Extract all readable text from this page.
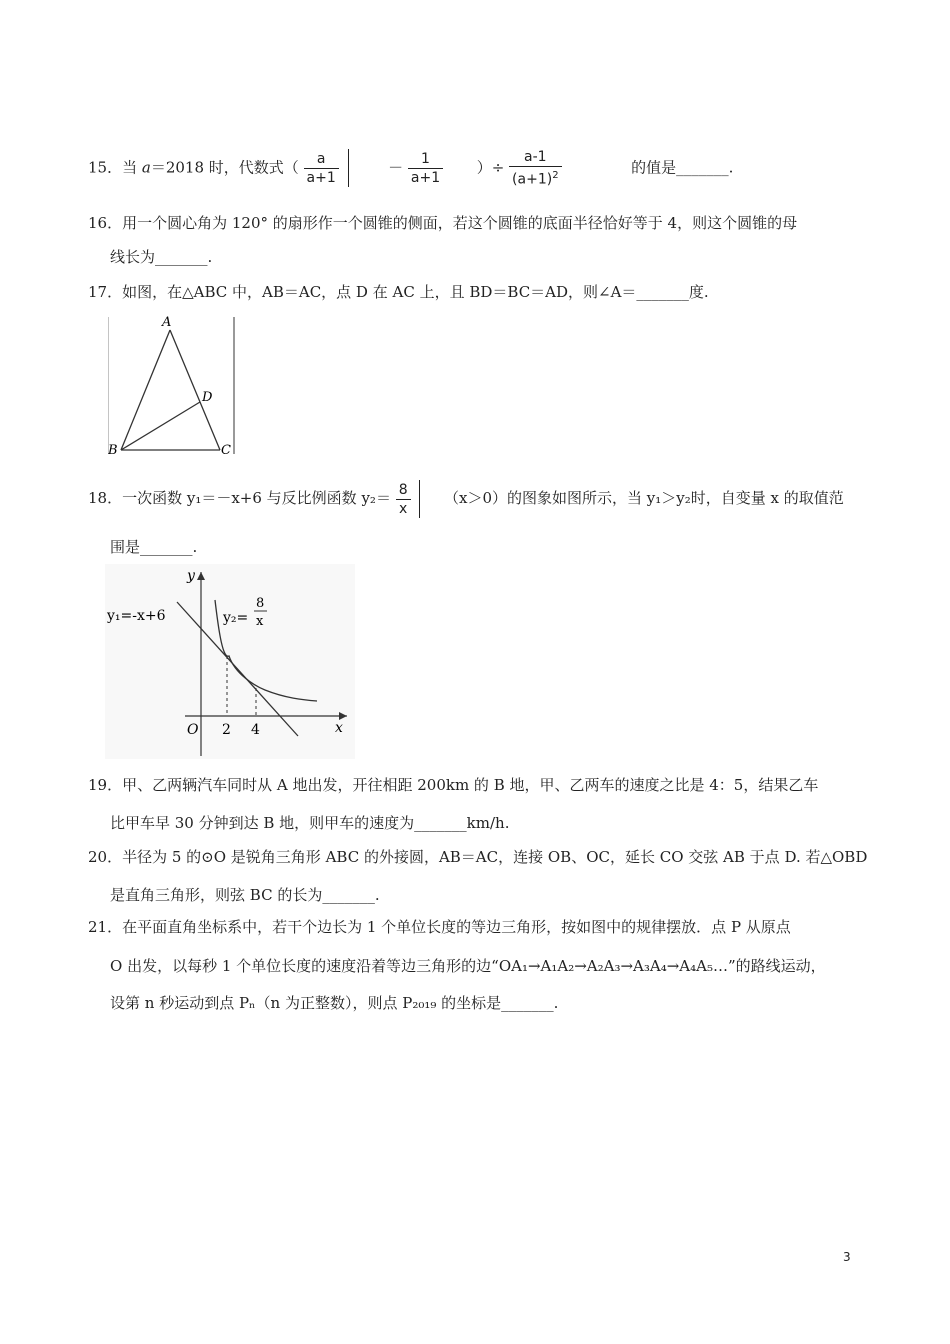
15．当 a＝2018 时，代数式（ $\frac{a}{a+1}$	－ $\frac{1}{a+1}$ ）÷ $\frac{a-1}{(a+1)^2}$	的值是_______.
16．用一个圆心角为 120° 的扇形作一个圆锥的侧面，若这个圆锥的底面半径恰好等于 4，则这个圆锥的母
线长为_______.
17．如图，在△ABC 中，AB＝AC，点 D 在 AC 上，且 BD＝BC＝AD，则∠A＝_______度.
A
B	C
D
18．一次函数 y₁＝－x+6 与反比例函数 $y_2= \frac{8}{x} (x>0)$的图象如图所示，当 y₁＞y₂时，自变量 x 的取值范
围是_______.
y
x
O 2 4
y₁=-x+6	y₂=
8
x
19．甲、乙两辆汽车同时从 A 地出发，开往相距 200km 的 B 地，甲、乙两车的速度之比是 4：5，结果乙车
比甲车早 30 分钟到达 B 地，则甲车的速度为_______km/h.
20．半径为 5 的⊙O 是锐角三角形 ABC 的外接圆，AB＝AC，连接 OB、OC，延长 CO 交弦 AB 于点 D. 若△OBD
是直角三角形，则弦 BC 的长为_______.
21．在平面直角坐标系中，若干个边长为 1 个单位长度的等边三角形，按如图中的规律摆放．点 P 从原点
O 出发，以每秒 1 个单位长度的速度沿着等边三角形的边“OA₁→A₁A₂→A₂A₃→A₃A₄→A₄A₅…”的路线运动，
设第 n 秒运动到点 Pₙ（n 为正整数），则点 P₂₀₁₉ 的坐标是_______.
3
